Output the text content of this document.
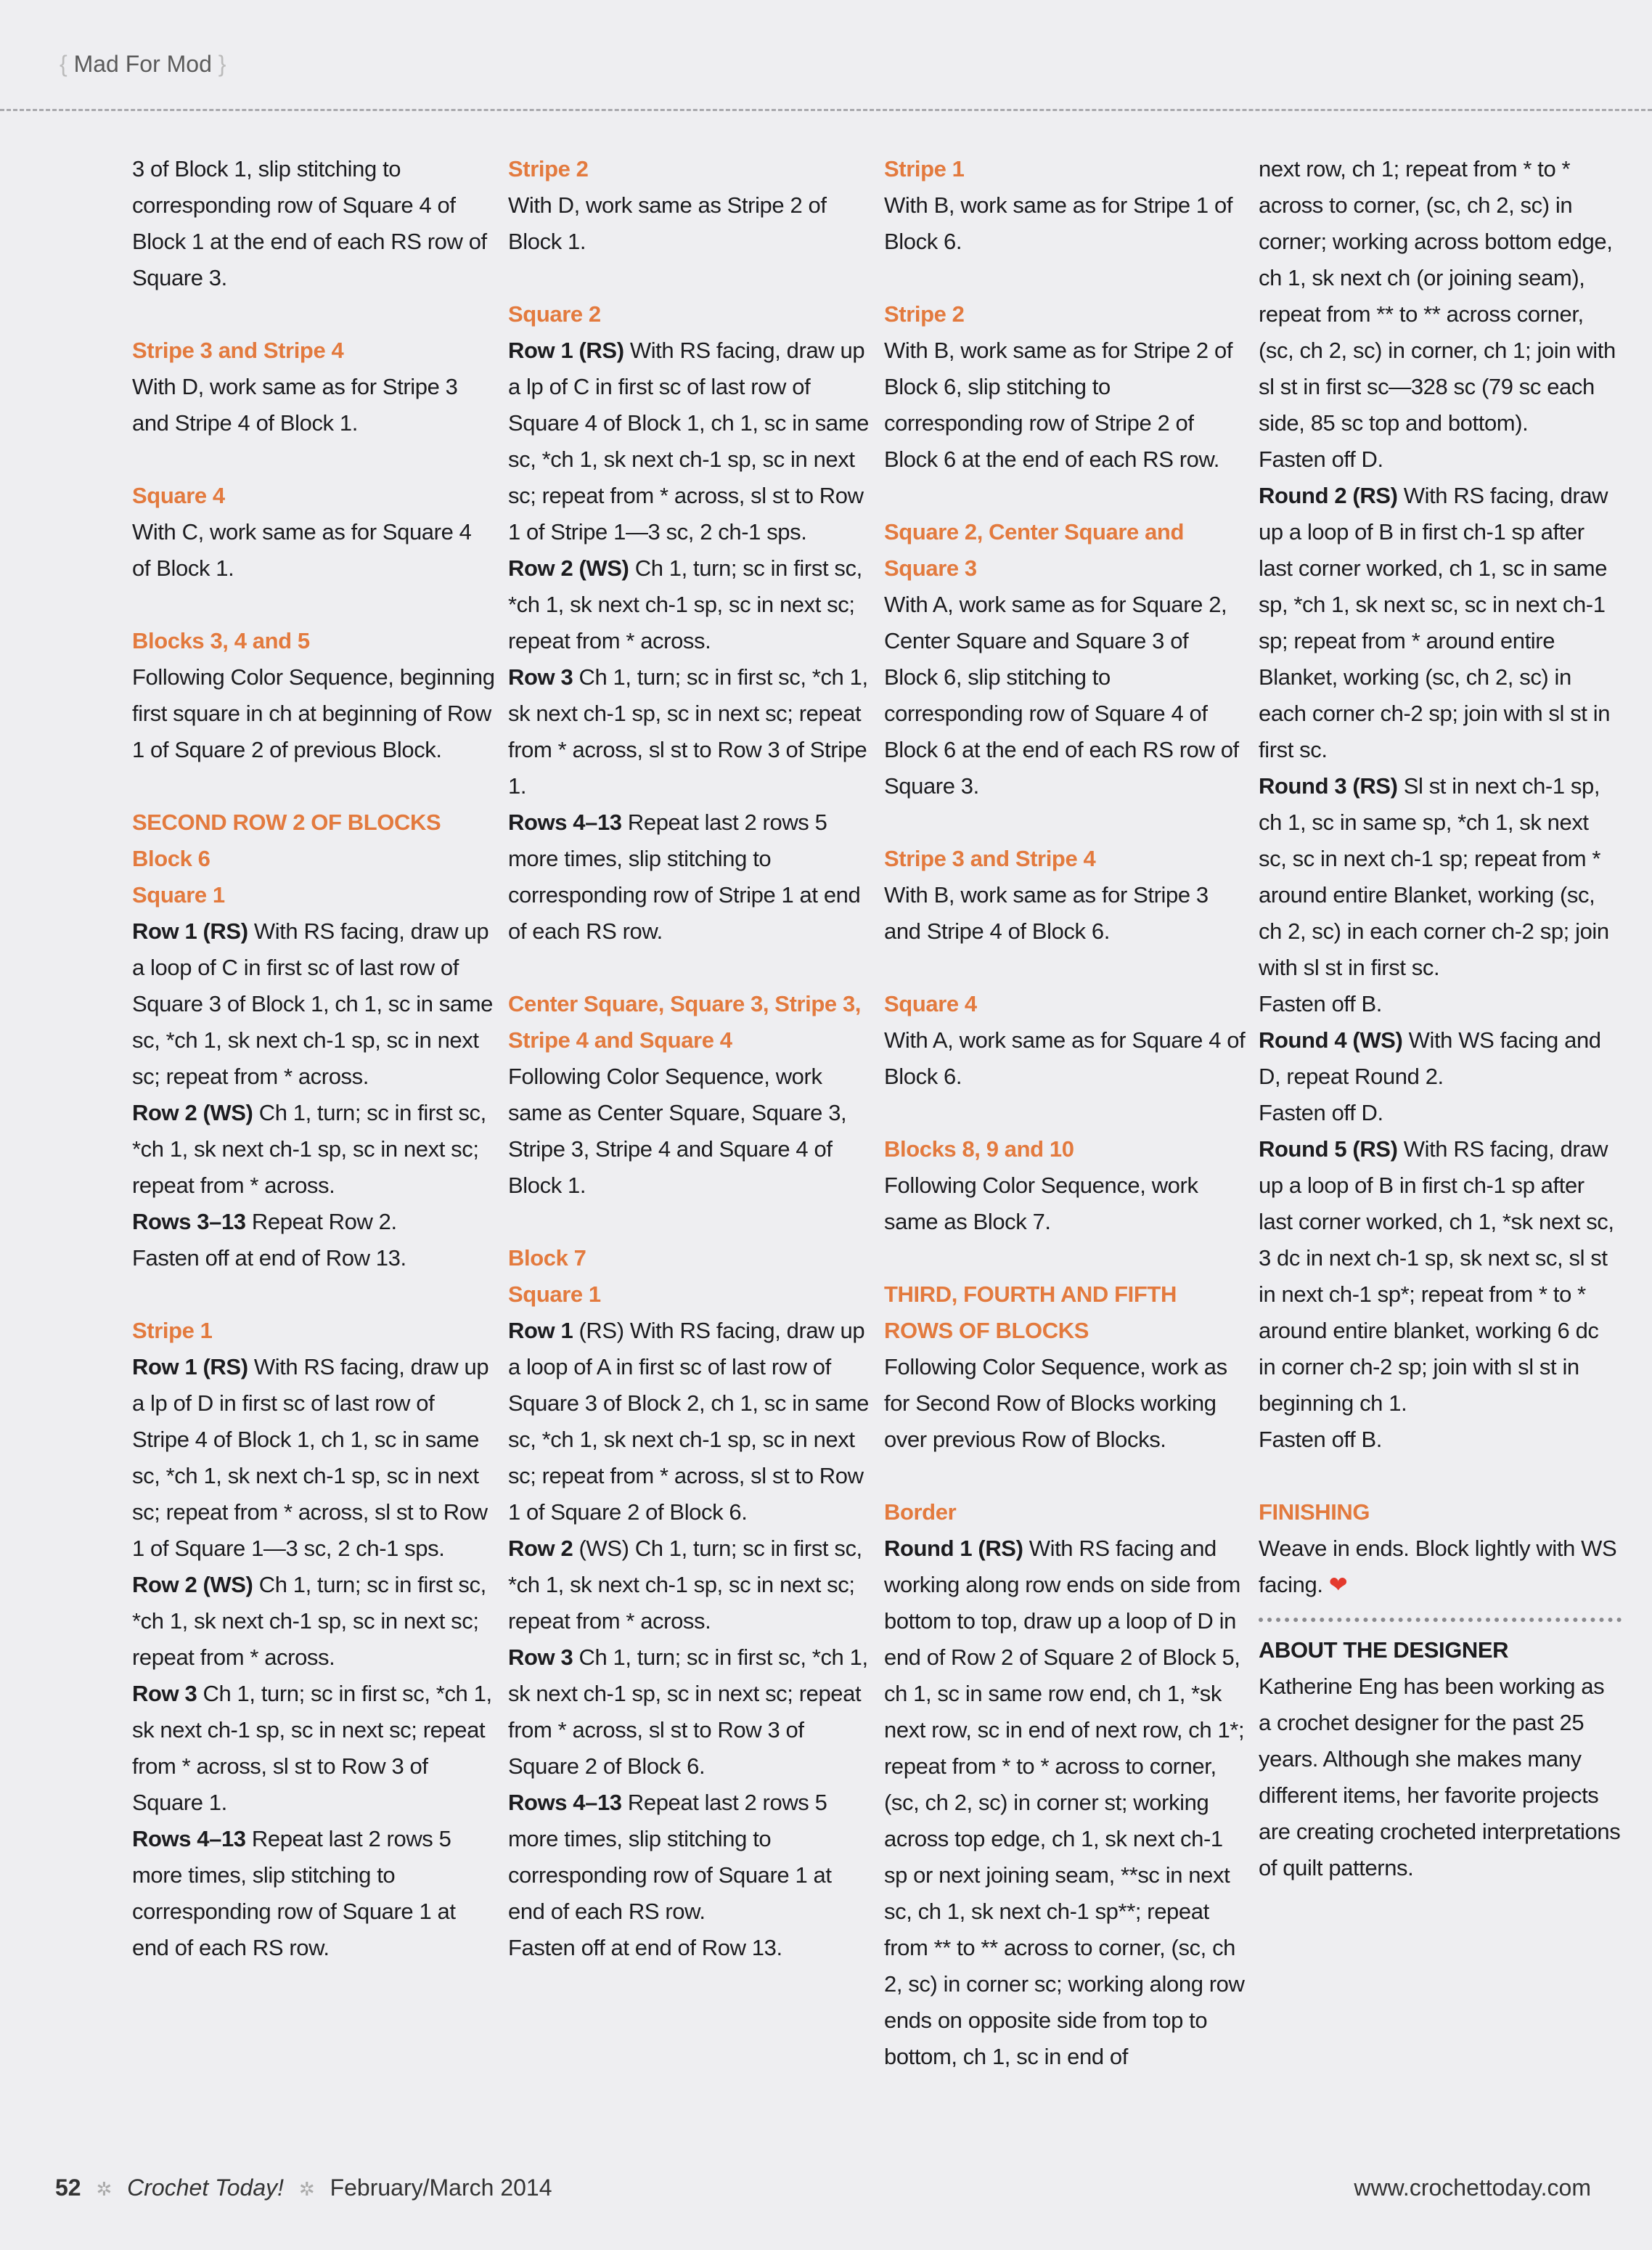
{ Mad For Mod }

3 of Block 1, slip stitching to corresponding row of Square 4 of Block 1 at the end of each RS row of Square 3.

Stripe 3 and Stripe 4

With D, work same as for Stripe 3 and Stripe 4 of Block 1.

Square 4

With C, work same as for Square 4 of Block 1.

Blocks 3, 4 and 5

Following Color Sequence, beginning first square in ch at beginning of Row 1 of Square 2 of previous Block.

SECOND ROW 2 OF BLOCKS

Block 6

Square 1

Row 1 (RS) With RS facing, draw up a loop of C in first sc of last row of Square 3 of Block 1, ch 1, sc in same sc, *ch 1, sk next ch-1 sp, sc in next sc; repeat from * across.

Row 2 (WS) Ch 1, turn; sc in first sc, *ch 1, sk next ch-1 sp, sc in next sc; repeat from * across.

Rows 3–13 Repeat Row 2.

Fasten off at end of Row 13.

Stripe 1

Row 1 (RS) With RS facing, draw up a lp of D in first sc of last row of Stripe 4 of Block 1, ch 1, sc in same sc, *ch 1, sk next ch-1 sp, sc in next sc; repeat from * across, sl st to Row 1 of Square 1—3 sc, 2 ch-1 sps.

Row 2 (WS) Ch 1, turn; sc in first sc, *ch 1, sk next ch-1 sp, sc in next sc; repeat from * across.

Row 3 Ch 1, turn; sc in first sc, *ch 1, sk next ch-1 sp, sc in next sc; repeat from * across, sl st to Row 3 of Square 1.

Rows 4–13 Repeat last 2 rows 5 more times, slip stitching to corresponding row of Square 1 at end of each RS row.

Stripe 2

With D, work same as Stripe 2 of Block 1.

Square 2

Row 1 (RS) With RS facing, draw up a lp of C in first sc of last row of Square 4 of Block 1, ch 1, sc in same sc, *ch 1, sk next ch-1 sp, sc in next sc; repeat from * across, sl st to Row 1 of Stripe 1—3 sc, 2 ch-1 sps.

Row 2 (WS) Ch 1, turn; sc in first sc, *ch 1, sk next ch-1 sp, sc in next sc; repeat from * across.

Row 3 Ch 1, turn; sc in first sc, *ch 1, sk next ch-1 sp, sc in next sc; repeat from * across, sl st to Row 3 of Stripe 1.

Rows 4–13 Repeat last 2 rows 5 more times, slip stitching to corresponding row of Stripe 1 at end of each RS row.

Center Square, Square 3, Stripe 3, Stripe 4 and Square 4

Following Color Sequence, work same as Center Square, Square 3, Stripe 3, Stripe 4 and Square 4 of Block 1.

Block 7

Square 1

Row 1 (RS) With RS facing, draw up a loop of A in first sc of last row of Square 3 of Block 2, ch 1, sc in same sc, *ch 1, sk next ch-1 sp, sc in next sc; repeat from * across, sl st to Row 1 of Square 2 of Block 6.

Row 2 (WS) Ch 1, turn; sc in first sc, *ch 1, sk next ch-1 sp, sc in next sc; repeat from * across.

Row 3 Ch 1, turn; sc in first sc, *ch 1, sk next ch-1 sp, sc in next sc; repeat from * across, sl st to Row 3 of Square 2 of Block 6.

Rows 4–13 Repeat last 2 rows 5 more times, slip stitching to corresponding row of Square 1 at end of each RS row.

Fasten off at end of Row 13.

Stripe 1

With B, work same as for Stripe 1 of Block 6.

Stripe 2

With B, work same as for Stripe 2 of Block 6, slip stitching to corresponding row of Stripe 2 of Block 6 at the end of each RS row.

Square 2, Center Square and Square 3

With A, work same as for Square 2, Center Square and Square 3 of Block 6, slip stitching to corresponding row of Square 4 of Block 6 at the end of each RS row of Square 3.

Stripe 3 and Stripe 4

With B, work same as for Stripe 3 and Stripe 4 of Block 6.

Square 4

With A, work same as for Square 4 of Block 6.

Blocks 8, 9 and 10

Following Color Sequence, work same as Block 7.

THIRD, FOURTH AND FIFTH ROWS OF BLOCKS

Following Color Sequence, work as for Second Row of Blocks working over previous Row of Blocks.

Border

Round 1 (RS) With RS facing and working along row ends on side from bottom to top, draw up a loop of D in end of Row 2 of Square 2 of Block 5, ch 1, sc in same row end, ch 1, *sk next row, sc in end of next row, ch 1*; repeat from * to * across to corner, (sc, ch 2, sc) in corner st; working across top edge, ch 1, sk next ch-1 sp or next joining seam, **sc in next sc, ch 1, sk next ch-1 sp**; repeat from ** to ** across to corner, (sc, ch 2, sc) in corner sc; working along row ends on opposite side from top to bottom, ch 1, sc in end of

next row, ch 1; repeat from * to * across to corner, (sc, ch 2, sc) in corner; working across bottom edge, ch 1, sk next ch (or joining seam), repeat from ** to ** across corner, (sc, ch 2, sc) in corner, ch 1; join with sl st in first sc—328 sc (79 sc each side, 85 sc top and bottom).

Fasten off D.

Round 2 (RS) With RS facing, draw up a loop of B in first ch-1 sp after last corner worked, ch 1, sc in same sp, *ch 1, sk next sc, sc in next ch-1 sp; repeat from * around entire Blanket, working (sc, ch 2, sc) in each corner ch-2 sp; join with sl st in first sc.

Round 3 (RS) Sl st in next ch-1 sp, ch 1, sc in same sp, *ch 1, sk next sc, sc in next ch-1 sp; repeat from * around entire Blanket, working (sc, ch 2, sc) in each corner ch-2 sp; join with sl st in first sc.

Fasten off B.

Round 4 (WS) With WS facing and D, repeat Round 2.

Fasten off D.

Round 5 (RS) With RS facing, draw up a loop of B in first ch-1 sp after last corner worked, ch 1, *sk next sc, 3 dc in next ch-1 sp, sk next sc, sl st in next ch-1 sp*; repeat from * to * around entire blanket, working 6 dc in corner ch-2 sp; join with sl st in beginning ch 1.

Fasten off B.

FINISHING

Weave in ends. Block lightly with WS facing. ❤

ABOUT THE DESIGNER

Katherine Eng has been working as a crochet designer for the past 25 years. Although she makes many different items, her favorite projects are creating crocheted interpretations of quilt patterns.

52 ✲ Crochet Today! ✲ February/March 2014	www.crochettoday.com
